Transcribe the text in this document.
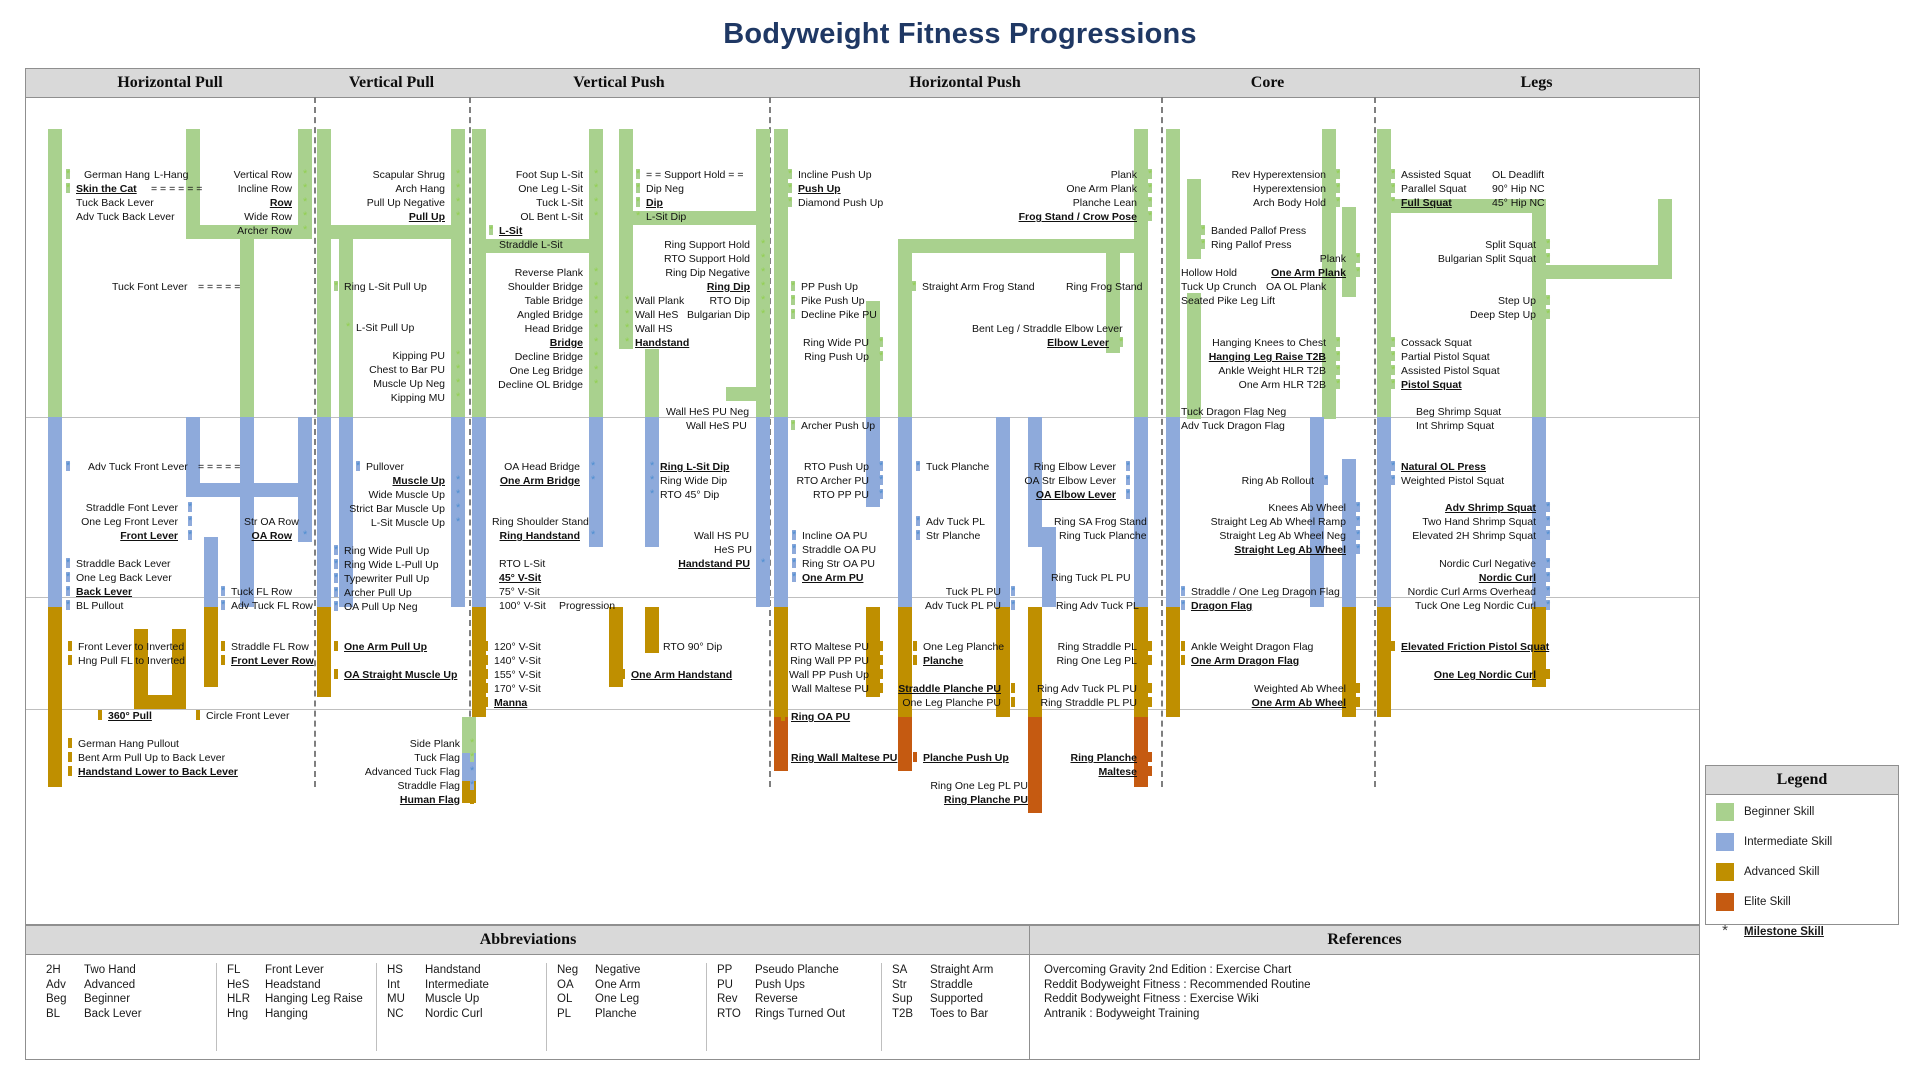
Bodyweight Fitness Progressions
Horizontal Pull	Vertical Pull	Vertical Push	Horizontal Push	Core	Legs
German Hang
*	L-Hang
Skin the Cat
*	= = = = = =
Tuck Back Lever
Adv Tuck Back Lever
Vertical Row *
Incline Row *
Row *
Wide Row *
Archer Row *
Tuck Font Lever = = = = =
Adv Tuck Front Lever
*	= = = = =
Straddle Font Lever *
One Leg Front Lever *
Front Lever *
Str OA Row
OA Row *
Straddle Back Lever
*
One Leg Back Lever
*
Back Lever
*
BL Pullout
*
Tuck FL Row
*
Adv Tuck FL Row
*
Front Lever to Inverted
*
Hng Pull FL to Inverted
*
Straddle FL Row
*
Front Lever Row
*
360° Pull
*	Circle Front Lever
*
German Hang Pullout
*
Bent Arm Pull Up to Back Lever
*
Handstand Lower to Back Lever
*
Scapular Shrug *
Arch Hang *
Pull Up Negative *
Pull Up *
Ring L-Sit Pull Up
*
L-Sit Pull Up
*
Kipping PU *
Chest to Bar PU *
Muscle Up Neg *
Kipping MU *
Pullover
*
Muscle Up *
Wide Muscle Up *
Strict Bar Muscle Up *
L-Sit Muscle Up *
Ring Wide Pull Up
*
Ring Wide L-Pull Up
*
Typewriter Pull Up
*
Archer Pull Up
*
OA Pull Up Neg
*
One Arm Pull Up
*
OA Straight Muscle Up
*
Side Plank *
Tuck Flag *
Advanced Tuck Flag *
Straddle Flag *
Human Flag *
Foot Sup L-Sit *
One Leg L-Sit *
Tuck L-Sit *
OL Bent L-Sit *
L-Sit
*
Straddle L-Sit
= = Support Hold = =
*
Dip Neg
*
Dip
*
L-Sit Dip
*
Reverse Plank *
Shoulder Bridge *
Table Bridge *
Angled Bridge *
Head Bridge *
Bridge *
Decline Bridge *
One Leg Bridge *
Decline OL Bridge *
Ring Support Hold *
RTO Support Hold *
Ring Dip Negative *
Ring Dip *
Wall Plank
*	RTO Dip *
Wall HeS
*	Bulgarian Dip *
Wall HS
*
Handstand
*
Wall HeS PU Neg
Wall HeS PU
OA Head Bridge *
One Arm Bridge *
Ring L-Sit Dip
*
Ring Wide Dip
*
RTO 45° Dip
*
Ring Shoulder Stand
Ring Handstand *
RTO L-Sit
45° V-Sit
75° V-Sit
100° V-Sit Progression
Wall HS PU
HeS PU
Handstand PU *
120° V-Sit
*
140° V-Sit
*
155° V-Sit
*
170° V-Sit
*
Manna
*
RTO 90° Dip
*
One Arm Handstand
*
Incline Push Up
*
Push Up
*
Diamond Push Up
*
Plank *
One Arm Plank *
Planche Lean *
Frog Stand / Crow Pose *
PP Push Up
*
Pike Push Up
*
Decline Pike PU
*
Straight Arm Frog Stand
*	Ring Frog Stand
Bent Leg / Straddle Elbow Lever
Elbow Lever *
Ring Wide PU *
Ring Push Up *
Archer Push Up
*
RTO Push Up *
RTO Archer PU *
RTO PP PU *
Tuck Planche
*	Ring Elbow Lever *
OA Str Elbow Lever *
OA Elbow Lever *
Adv Tuck PL
*
Str Planche
*
Ring SA Frog Stand
Ring Tuck Planche
Incline OA PU
*
Straddle OA PU
*
Ring Str OA PU
*
One Arm PU
*
Tuck PL PU *
Adv Tuck PL PU *
Ring Tuck PL PU
Ring Adv Tuck PL
RTO Maltese PU *
Ring Wall PP PU *
Wall PP Push Up *
Wall Maltese PU *
Ring OA PU
*
One Leg Planche
*
Planche
*
Straddle Planche PU *
One Leg Planche PU *
Ring Straddle PL *
Ring One Leg PL *
Ring Adv Tuck PL PU *
Ring Straddle PL PU *
Ring Wall Maltese PU
*	Planche Push Up
*	Ring Planche *
Maltese *
Ring One Leg PL PU *
Ring Planche PU *
Rev Hyperextension *
Hyperextension *
Arch Body Hold *
Banded Pallof Press
*
Ring Pallof Press
*
Plank *
One Arm Plank *
Hollow Hold
Tuck Up Crunch
Seated Pike Leg Lift
OA OL Plank
Hanging Knees to Chest *
Hanging Leg Raise T2B *
Ankle Weight HLR T2B *
One Arm HLR T2B *
Tuck Dragon Flag Neg
Adv Tuck Dragon Flag
Ring Ab Rollout *
Knees Ab Wheel *
Straight Leg Ab Wheel Ramp *
Straight Leg Ab Wheel Neg *
Straight Leg Ab Wheel *
Straddle / One Leg Dragon Flag
*
Dragon Flag
*
Ankle Weight Dragon Flag
*
One Arm Dragon Flag
*
Weighted Ab Wheel *
One Arm Ab Wheel *
Assisted Squat
*	OL Deadlift
Parallel Squat
*	90° Hip NC
Full Squat
*	45° Hip NC
Split Squat *
Bulgarian Split Squat *
Step Up *
Deep Step Up *
Cossack Squat
*
Partial Pistol Squat
*
Assisted Pistol Squat
*
Pistol Squat
*
Beg Shrimp Squat
Int Shrimp Squat
Natural OL Press
*
Weighted Pistol Squat
*
Adv Shrimp Squat *
Two Hand Shrimp Squat *
Elevated 2H Shrimp Squat *
Nordic Curl Negative *
Nordic Curl *
Nordic Curl Arms Overhead *
Tuck One Leg Nordic Curl *
Elevated Friction Pistol Squat
*
One Leg Nordic Curl *
Legend
Beginner Skill
Intermediate Skill
Advanced Skill
Elite Skill
*	Milestone Skill
Abbreviations
2H Two Hand
Adv Advanced
Beg Beginner
BL Back Lever
FL Front Lever
HeS Headstand
HLR Hanging Leg Raise
Hng Hanging
HS Handstand
Int Intermediate
MU Muscle Up
NC Nordic Curl
Neg Negative
OA One Arm
OL One Leg
PL Planche
PP Pseudo Planche
PU Push Ups
Rev Reverse
RTO Rings Turned Out
SA Straight Arm
Str Straddle
Sup Supported
T2B Toes to Bar
References
Overcoming Gravity 2nd Edition : Exercise Chart
Reddit Bodyweight Fitness : Recommended Routine
Reddit Bodyweight Fitness : Exercise Wiki
Antranik : Bodyweight Training
